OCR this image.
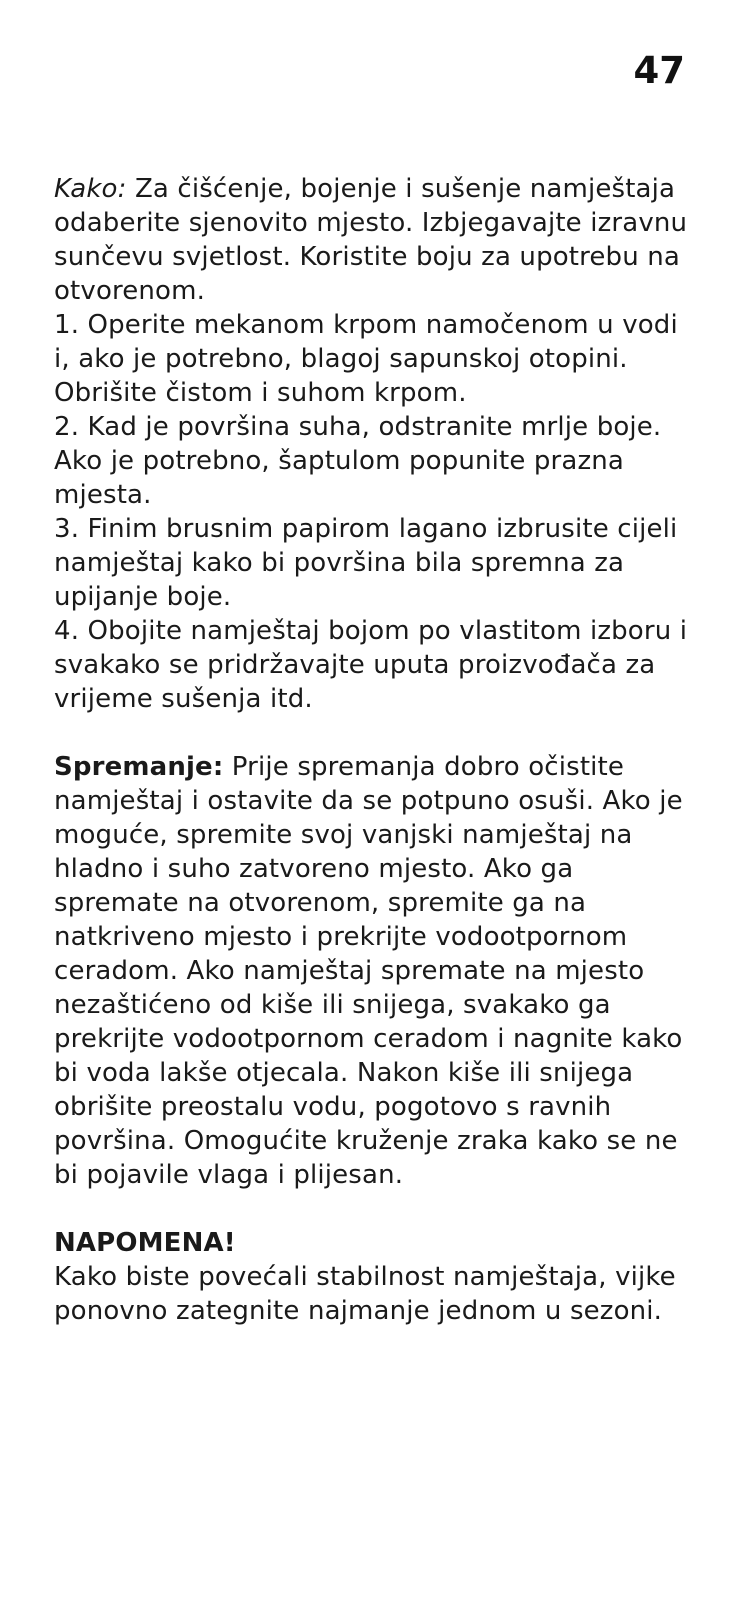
47

Kako: Za čišćenje, bojenje i sušenje namještaja odaberite sjenovito mjesto. Izbjegavajte izravnu sunčevu svjetlost. Koristite boju za upotrebu na otvorenom.

1. Operite mekanom krpom namočenom u vodi i, ako je potrebno, blagoj sapunskoj otopini. Obrišite čistom i suhom krpom.

2. Kad je površina suha, odstranite mrlje boje. Ako je potrebno, šaptulom popunite prazna mjesta.

3. Finim brusnim papirom lagano izbrusite cijeli namještaj kako bi površina bila spremna za upijanje boje.

4. Obojite namještaj bojom po vlastitom izboru i svakako se pridržavajte uputa proizvođača za vrijeme sušenja itd.

Spremanje: Prije spremanja dobro očistite namještaj i ostavite da se potpuno osuši. Ako je moguće, spremite svoj vanjski namještaj na hladno i suho zatvoreno mjesto. Ako ga spremate na otvorenom, spremite ga na natkriveno mjesto i prekrijte vodootpornom ceradom. Ako namještaj spremate na mjesto nezaštićeno od kiše ili snijega, svakako ga prekrijte vodootpornom ceradom i nagnite kako bi voda lakše otjecala. Nakon kiše ili snijega obrišite preostalu vodu, pogotovo s ravnih površina. Omogućite kruženje zraka kako se ne bi pojavile vlaga i plijesan.

NAPOMENA!

Kako biste povećali stabilnost namještaja, vijke ponovno zategnite najmanje jednom u sezoni.
